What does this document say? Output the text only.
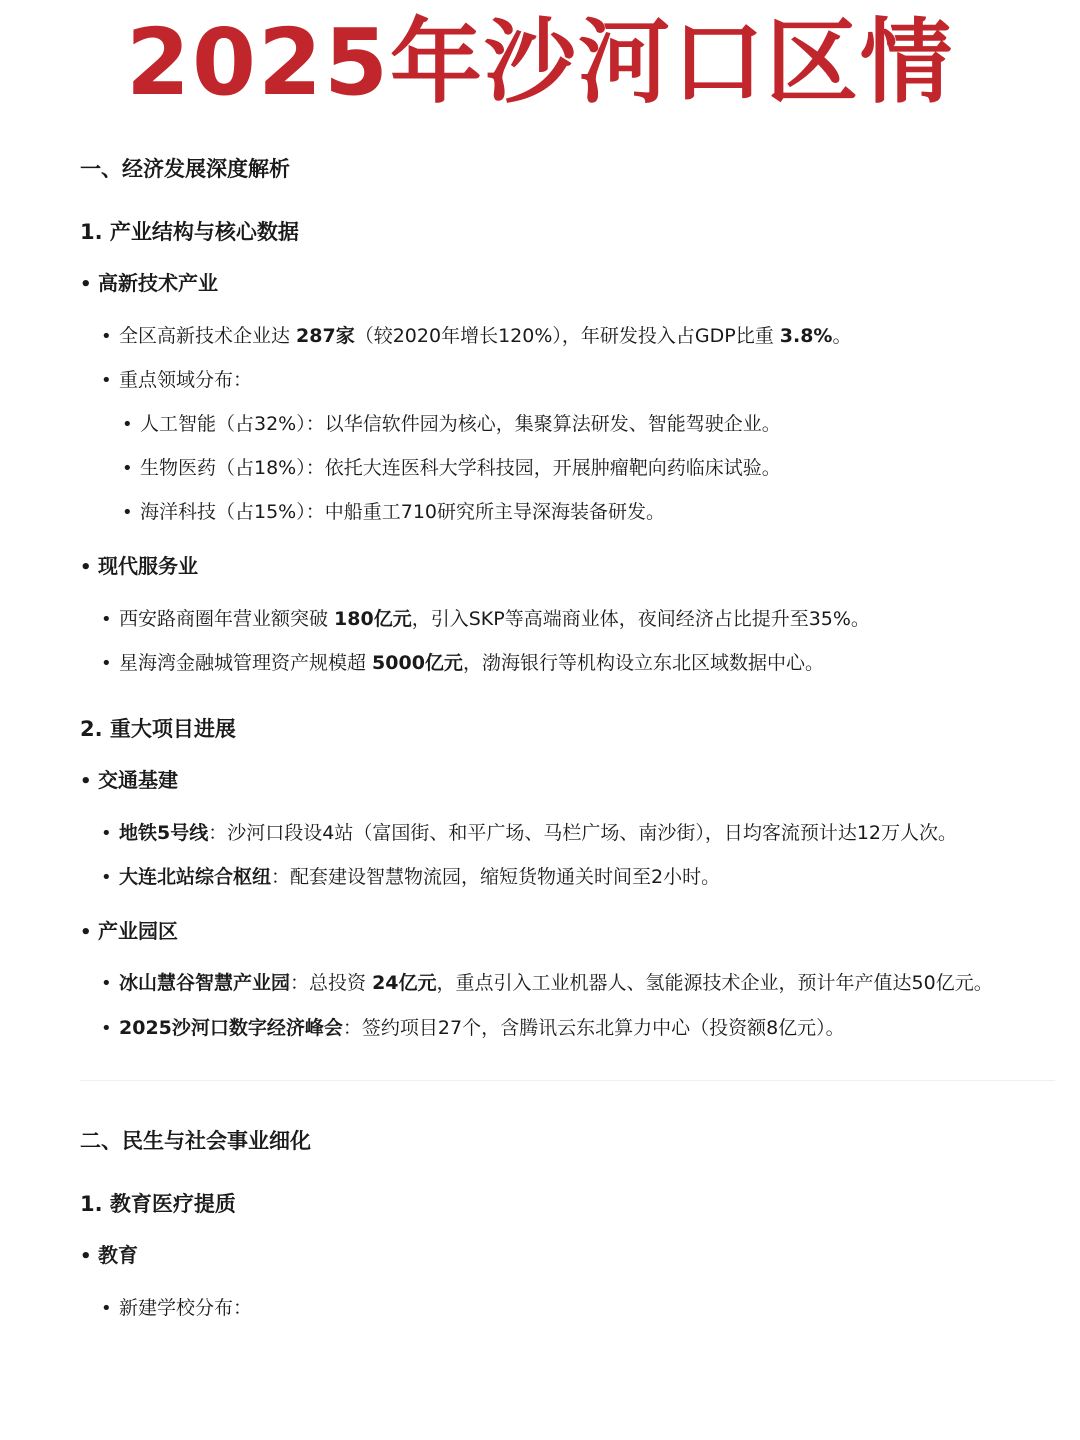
2025年沙河口区情
一、经济发展深度解析
1. 产业结构与核心数据
• 高新技术产业
• 全区高新技术企业达 287家（较2020年增长120%），年研发投入占GDP比重 3.8%。
• 重点领域分布：
• 人工智能（占32%）：以华信软件园为核心，集聚算法研发、智能驾驶企业。
• 生物医药（占18%）：依托大连医科大学科技园，开展肿瘤靶向药临床试验。
• 海洋科技（占15%）：中船重工710研究所主导深海装备研发。
• 现代服务业
• 西安路商圈年营业额突破 180亿元，引入SKP等高端商业体，夜间经济占比提升至35%。
• 星海湾金融城管理资产规模超 5000亿元，渤海银行等机构设立东北区域数据中心。
2. 重大项目进展
• 交通基建
• 地铁5号线：沙河口段设4站（富国街、和平广场、马栏广场、南沙街），日均客流预计达12万人次。
• 大连北站综合枢纽：配套建设智慧物流园，缩短货物通关时间至2小时。
• 产业园区
• 冰山慧谷智慧产业园：总投资 24亿元，重点引入工业机器人、氢能源技术企业，预计年产值达50亿元。
• 2025沙河口数字经济峰会：签约项目27个，含腾讯云东北算力中心（投资额8亿元）。
二、民生与社会事业细化
1. 教育医疗提质
• 教育
• 新建学校分布：
